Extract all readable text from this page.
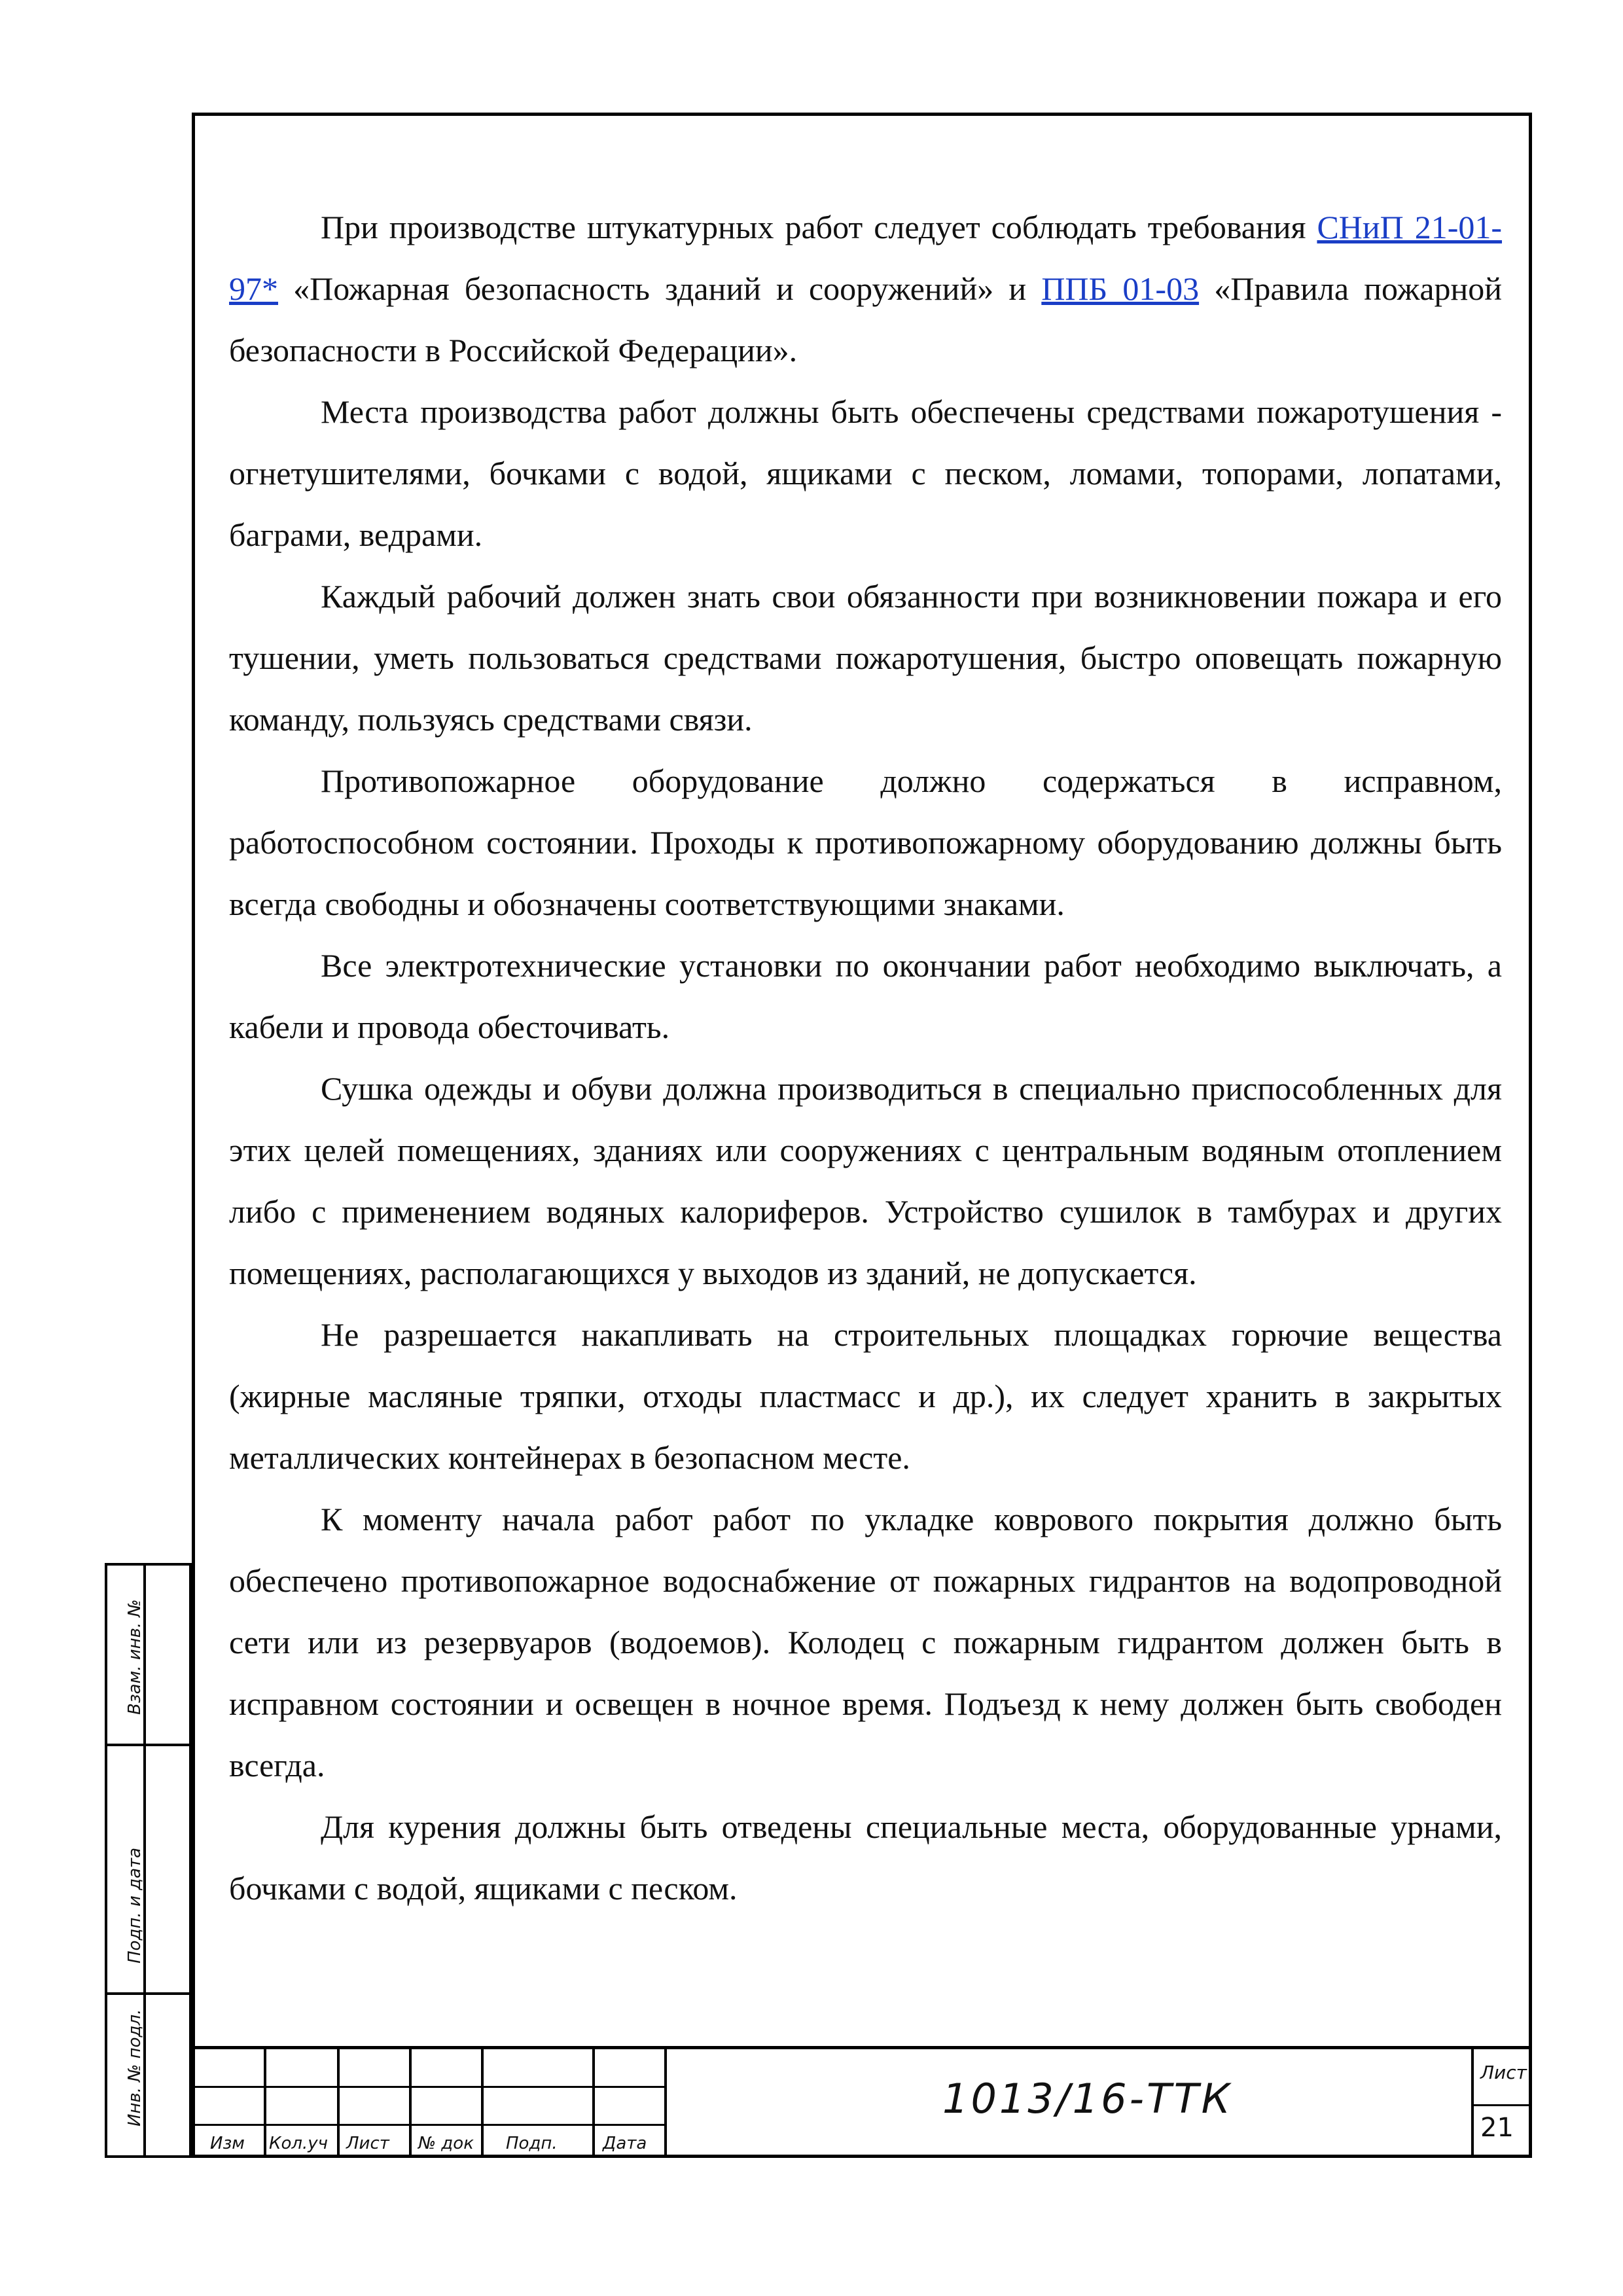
При производстве штукатурных работ следует соблюдать требования СНиП 21-01-97* «Пожарная безопасность зданий и сооружений» и ППБ 01-03 «Правила пожарной безопасности в Российской Федерации».

Места производства работ должны быть обеспечены средствами пожаротушения - огнетушителями, бочками с водой, ящиками с песком, ломами, топорами, лопатами, баграми, ведрами.

Каждый рабочий должен знать свои обязанности при возникновении пожара и его тушении, уметь пользоваться средствами пожаротушения, быстро оповещать пожарную команду, пользуясь средствами связи.

Противопожарное оборудование должно содержаться в исправном, работоспособном состоянии. Проходы к противопожарному оборудованию должны быть всегда свободны и обозначены соответствующими знаками.

Все электротехнические установки по окончании работ необходимо выключать, а кабели и провода обесточивать.

Сушка одежды и обуви должна производиться в специально приспособленных для этих целей помещениях, зданиях или сооружениях с центральным водяным отоплением либо с применением водяных калориферов. Устройство сушилок в тамбурах и других помещениях, располагающихся у выходов из зданий, не допускается.

Не разрешается накапливать на строительных площадках горючие вещества (жирные масляные тряпки, отходы пластмасс и др.), их следует хранить в закрытых металлических контейнерах в безопасном месте.

К моменту начала работ работ по укладке коврового покрытия должно быть обеспечено противопожарное водоснабжение от пожарных гидрантов на водопроводной сети или из резервуаров (водоемов). Колодец с пожарным гидрантом должен быть в исправном состоянии и освещен в ночное время. Подъезд к нему должен быть свободен всегда.

Для курения должны быть отведены специальные места, оборудованные урнами, бочками с водой, ящиками с песком.

Взам. инв. №
Подп. и дата
Инв. № подл.
Изм Кол.уч Лист № док Подп.	Дата
1013/16-ТТК
Лист
21
